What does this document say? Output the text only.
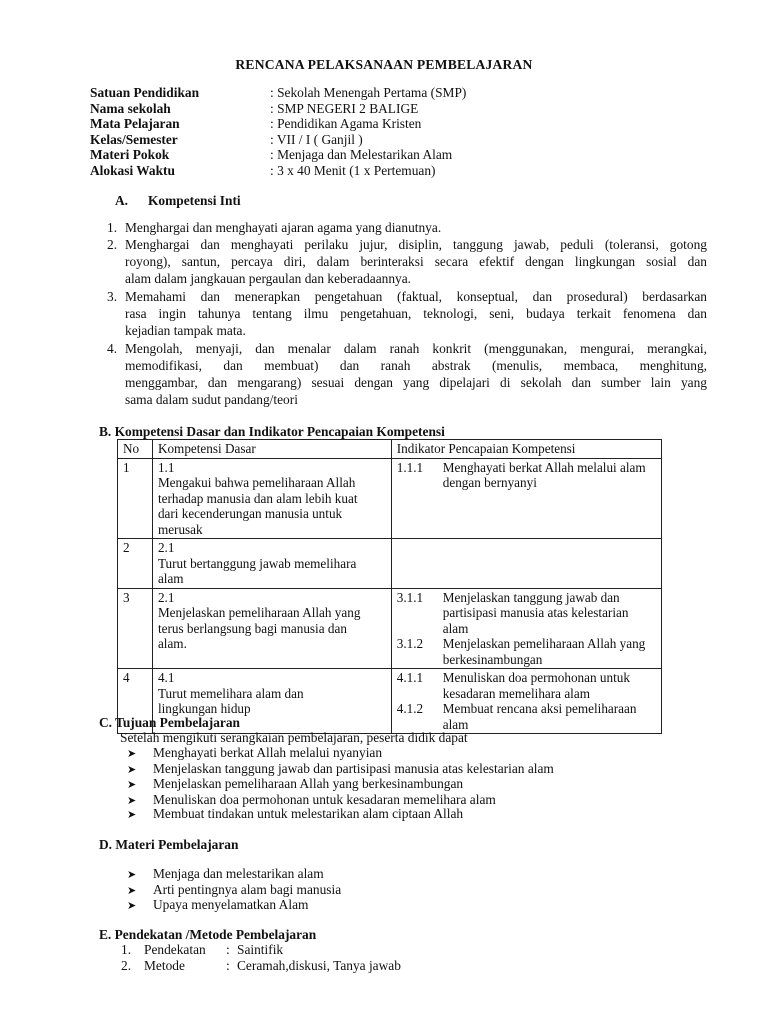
RENCANA PELAKSANAAN PEMBELAJARAN
Satuan Pendidikan	: Sekolah Menengah Pertama (SMP)
Nama sekolah	: SMP NEGERI 2 BALIGE
Mata Pelajaran	: Pendidikan Agama Kristen
Kelas/Semester	: VII / I ( Ganjil )
Materi Pokok	: Menjaga dan Melestarikan Alam
Alokasi Waktu	: 3 x 40 Menit (1 x Pertemuan)
A. Kompetensi Inti
1. Menghargai dan menghayati ajaran agama yang dianutnya.
2. Menghargai dan menghayati perilaku jujur, disiplin, tanggung jawab, peduli (toleransi, gotong
royong), santun, percaya diri, dalam berinteraksi secara efektif dengan lingkungan sosial dan
alam dalam jangkauan pergaulan dan keberadaannya.
3. Memahami dan menerapkan pengetahuan (faktual, konseptual, dan prosedural) berdasarkan
rasa ingin tahunya tentang ilmu pengetahuan, teknologi, seni, budaya terkait fenomena dan
kejadian tampak mata.
4. Mengolah, menyaji, dan menalar dalam ranah konkrit (menggunakan, mengurai, merangkai,
memodifikasi, dan membuat) dan ranah abstrak (menulis, membaca, menghitung,
menggambar, dan mengarang) sesuai dengan yang dipelajari di sekolah dan sumber lain yang
sama dalam sudut pandang/teori
B. Kompetensi Dasar dan Indikator Pencapaian Kompetensi
No	Kompetensi Dasar	Indikator Pencapaian Kompetensi
1	1.1Mengakui bahwa pemeliharaan Allah terhadap manusia dan alam lebih kuat dari kecenderungan manusia untuk merusak	1.1.1 Menghayati berkat Allah melalui alam dengan bernyanyi

2	2.1Turut bertanggung jawab memelihara alam	
3	2.1Menjelaskan pemeliharaan Allah yang terus berlangsung bagi manusia dan alam.	3.1.1 Menjelaskan tanggung jawab dan partisipasi manusia atas kelestarian alam
3.1.2 Menjelaskan pemeliharaan Allah yang berkesinambungan

4	4.1Turut memelihara alam dan lingkungan hidup	4.1.1 Menuliskan doa permohonan untuk kesadaran memelihara alam
4.1.2 Membuat rencana aksi pemeliharaan alam
C. Tujuan Pembelajaran
Setelah mengikuti serangkaian pembelajaran, peserta didik dapat
➤ Menghayati berkat Allah melalui nyanyian
➤ Menjelaskan tanggung jawab dan partisipasi manusia atas kelestarian alam
➤ Menjelaskan pemeliharaan Allah yang berkesinambungan
➤ Menuliskan doa permohonan untuk kesadaran memelihara alam
➤ Membuat tindakan untuk melestarikan alam ciptaan Allah
D. Materi Pembelajaran
➤ Menjaga dan melestarikan alam
➤ Arti pentingnya alam bagi manusia
➤ Upaya menyelamatkan Alam
E. Pendekatan /Metode Pembelajaran
1. Pendekatan : Saintifik
2. Metode	: Ceramah,diskusi, Tanya jawab
